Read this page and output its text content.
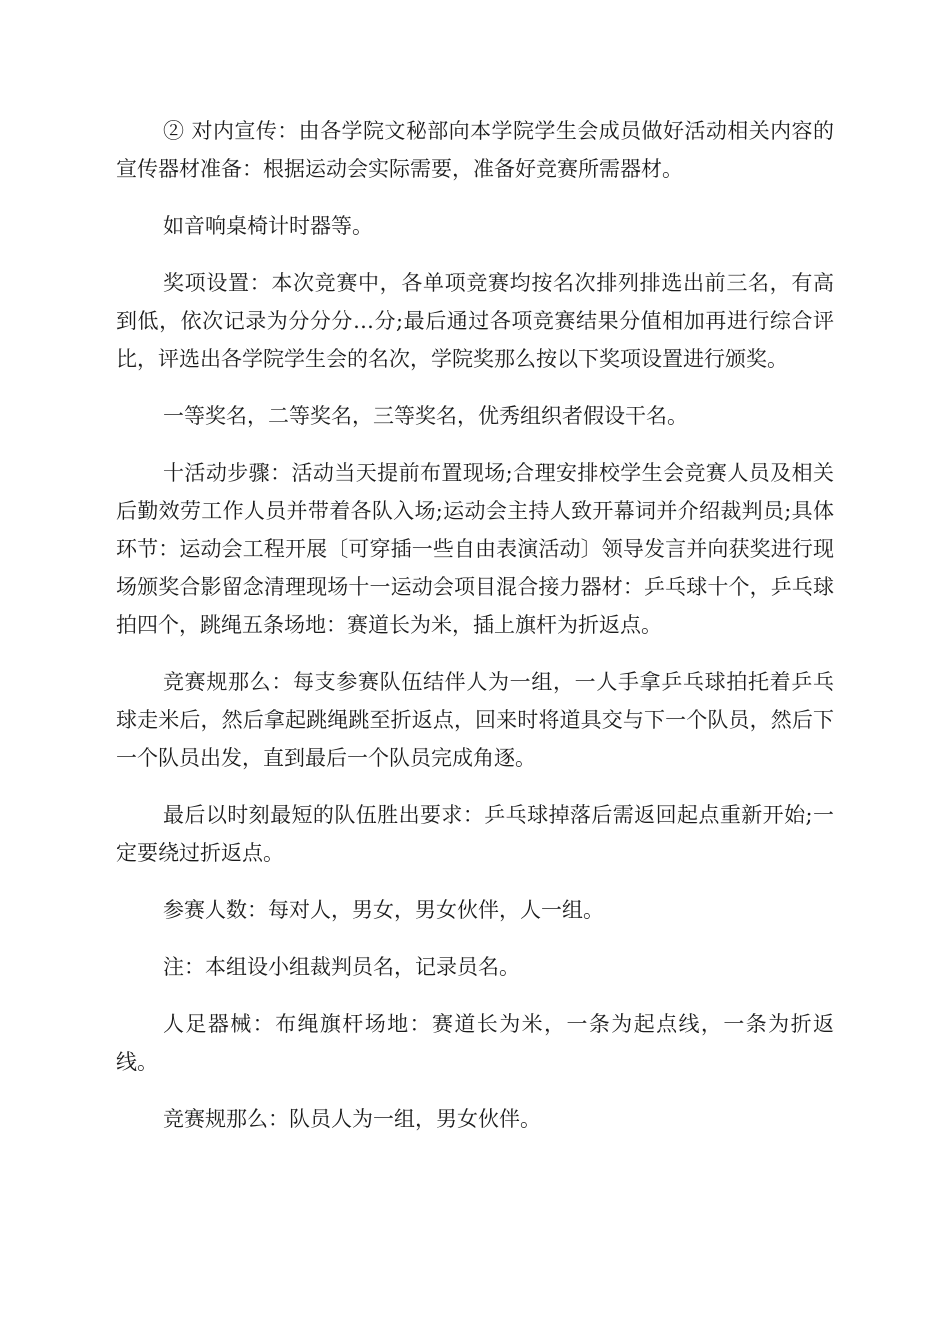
② 对内宣传：由各学院文秘部向本学院学生会成员做好活动相关内容的宣传器材准备：根据运动会实际需要，准备好竞赛所需器材。

如音响桌椅计时器等。

奖项设置：本次竞赛中，各单项竞赛均按名次排列排选出前三名，有高到低，依次记录为分分分…分;最后通过各项竞赛结果分值相加再进行综合评比，评选出各学院学生会的名次，学院奖那么按以下奖项设置进行颁奖。

一等奖名，二等奖名，三等奖名，优秀组织者假设干名。

十活动步骤：活动当天提前布置现场;合理安排校学生会竞赛人员及相关后勤效劳工作人员并带着各队入场;运动会主持人致开幕词并介绍裁判员;具体环节：运动会工程开展〔可穿插一些自由表演活动〕领导发言并向获奖进行现场颁奖合影留念清理现场十一运动会项目混合接力器材：乒乓球十个，乒乓球拍四个，跳绳五条场地：赛道长为米，插上旗杆为折返点。

竞赛规那么：每支参赛队伍结伴人为一组，一人手拿乒乓球拍托着乒乓球走米后，然后拿起跳绳跳至折返点，回来时将道具交与下一个队员，然后下一个队员出发，直到最后一个队员完成角逐。

最后以时刻最短的队伍胜出要求：乒乓球掉落后需返回起点重新开始;一定要绕过折返点。

参赛人数：每对人，男女，男女伙伴，人一组。

注：本组设小组裁判员名，记录员名。

人足器械：布绳旗杆场地：赛道长为米，一条为起点线，一条为折返线。

竞赛规那么：队员人为一组，男女伙伴。
